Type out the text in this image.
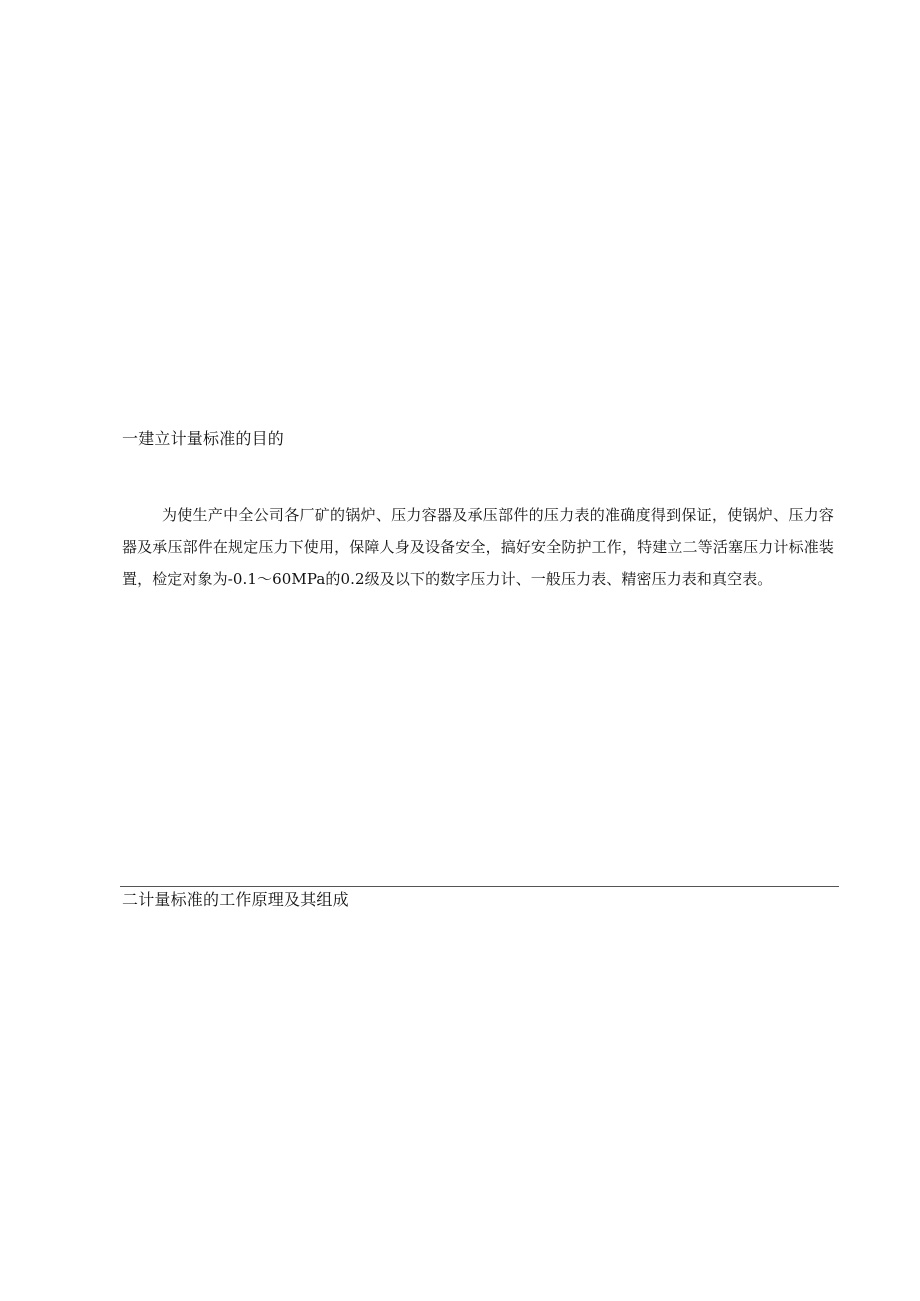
一建立计量标准的目的

为使生产中全公司各厂矿的锅炉、压力容器及承压部件的压力表的准确度得到保证，使锅炉、压力容器及承压部件在规定压力下使用，保障人身及设备安全，搞好安全防护工作，特建立二等活塞压力计标准装置，检定对象为-0.1～60MPa的0.2级及以下的数字压力计、一般压力表、精密压力表和真空表。

二计量标准的工作原理及其组成
